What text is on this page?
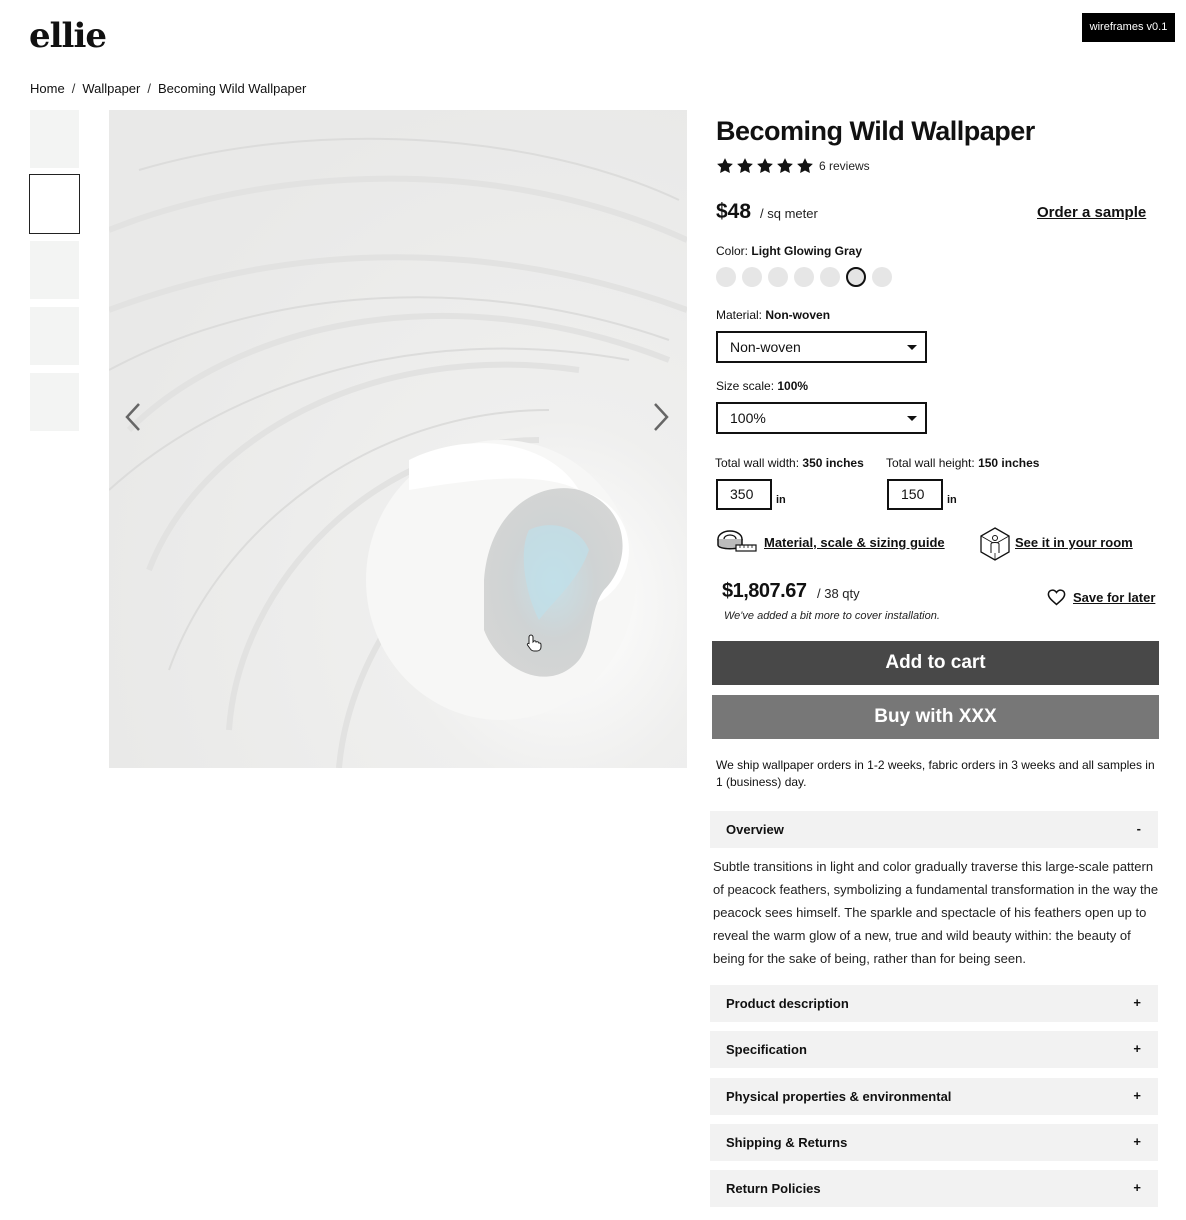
ellie	wireframes v0.1
Home / Wallpaper / Becoming Wild Wallpaper
Becoming Wild Wallpaper
6 reviews
$48 / sq meter	Order a sample
Color: Light Glowing Gray
Material: Non-woven
Non-woven
Size scale: 100%
100%
Total wall width: 350 inches Total wall height: 150 inches
350	in	150	in
Material, scale & sizing guide	See it in your room
$1,807.67 / 38 qty
We've added a bit more to cover installation.
Save for later
Add to cart
Buy with XXX
We ship wallpaper orders in 1-2 weeks, fabric orders in 3 weeks and all samples in 1 (business) day.
Overview	-
Subtle transitions in light and color gradually traverse this large-scale pattern of peacock feathers, symbolizing a fundamental transformation in the way the peacock sees himself. The sparkle and spectacle of his feathers open up to reveal the warm glow of a new, true and wild beauty within: the beauty of being for the sake of being, rather than for being seen.
Product description	+
Specification	+
Physical properties & environmental	+
Shipping & Returns	+
Return Policies	+
